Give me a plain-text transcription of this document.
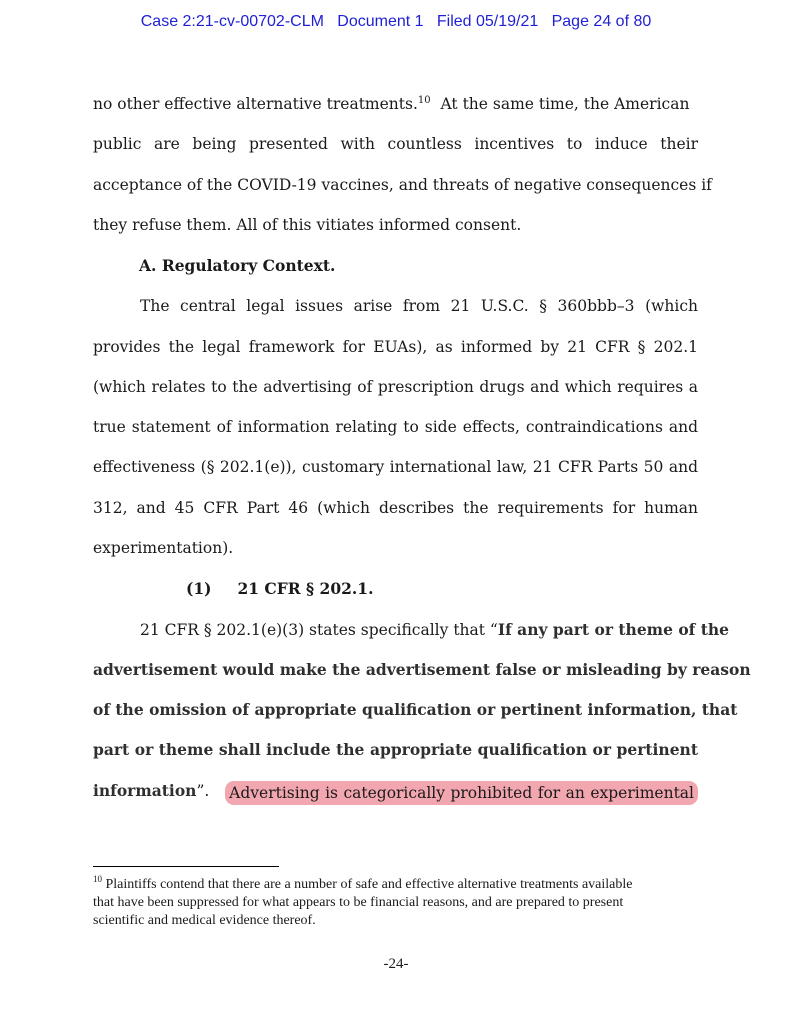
Case 2:21-cv-00702-CLM   Document 1   Filed 05/19/21   Page 24 of 80
no other effective alternative treatments.$^{10}$  At the same time, the American
public are being presented with countless incentives to induce their
acceptance of the COVID-19 vaccines, and threats of negative consequences if
they refuse them. All of this vitiates informed consent.
A. Regulatory Context.
The central legal issues arise from 21 U.S.C. § 360bbb–3 (which
provides the legal framework for EUAs), as informed by 21 CFR § 202.1
(which relates to the advertising of prescription drugs and which requires a
true statement of information relating to side effects, contraindications and
effectiveness (§ 202.1(e)), customary international law, 21 CFR Parts 50 and
312, and 45 CFR Part 46 (which describes the requirements for human
experimentation).
(1) 21 CFR § 202.1.
21 CFR § 202.1(e)(3) states specifically that “If any part or theme of the
advertisement would make the advertisement false or misleading by reason
of the omission of appropriate qualification or pertinent information, that
part or theme shall include the appropriate qualification or pertinent
information”. Advertising is categorically prohibited for an experimental
$^{10}$ Plaintiffs contend that there are a number of safe and effective alternative treatments available
that have been suppressed for what appears to be financial reasons, and are prepared to present
scientific and medical evidence thereof.
-24-
